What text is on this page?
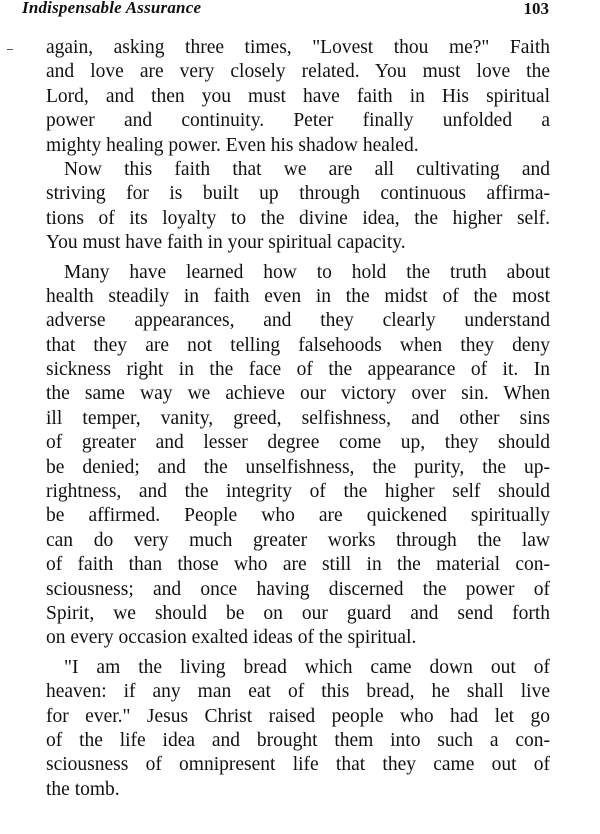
Indispensable Assurance	103
again, asking three times, "Lovest thou me?" Faith
and love are very closely related. You must love the
Lord, and then you must have faith in His spiritual
power and continuity. Peter finally unfolded a
mighty healing power. Even his shadow healed.
Now this faith that we are all cultivating and
striving for is built up through continuous affirma-
tions of its loyalty to the divine idea, the higher self.
You must have faith in your spiritual capacity.
Many have learned how to hold the truth about
health steadily in faith even in the midst of the most
adverse appearances, and they clearly understand
that they are not telling falsehoods when they deny
sickness right in the face of the appearance of it. In
the same way we achieve our victory over sin. When
ill temper, vanity, greed, selfishness, and other sins
of greater and lesser degree come up, they should
be denied; and the unselfishness, the purity, the up-
rightness, and the integrity of the higher self should
be affirmed. People who are quickened spiritually
can do very much greater works through the law
of faith than those who are still in the material con-
sciousness; and once having discerned the power of
Spirit, we should be on our guard and send forth
on every occasion exalted ideas of the spiritual.
"I am the living bread which came down out of
heaven: if any man eat of this bread, he shall live
for ever." Jesus Christ raised people who had let go
of the life idea and brought them into such a con-
sciousness of omnipresent life that they came out of
the tomb.
